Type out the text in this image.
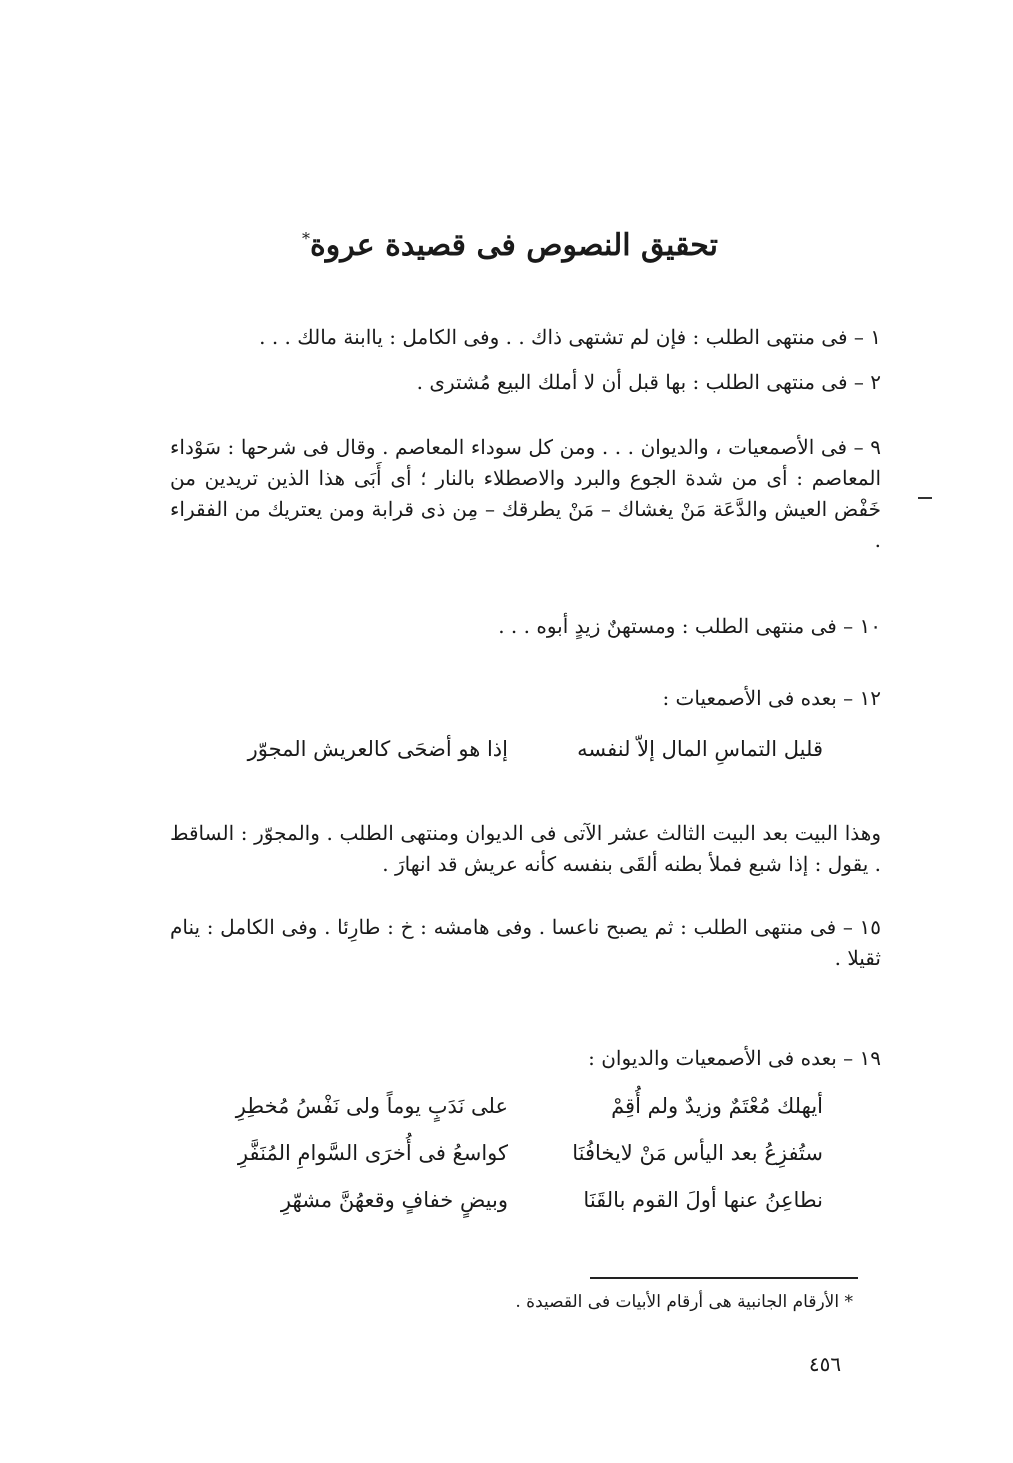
تحقيق النصوص فى قصيدة عروة*
١ – فى منتهى الطلب : فإن لم تشتهى ذاك . . وفى الكامل : ياابنة مالك . . .
٢ – فى منتهى الطلب : بها قبل أن لا أملك البيع مُشترى .
٩ – فى الأصمعيات ، والديوان . . . ومن كل سوداء المعاصم . وقال فى شرحها : سَوْداء المعاصم : أى من شدة الجوع والبرد والاصطلاء بالنار ؛ أى أَبَى هذا الذين تريدين من خَفْض العيش والدَّعَة مَنْ يغشاك – مَنْ يطرقك – مِن ذى قرابة ومن يعتريك من الفقراء .
١٠ – فى منتهى الطلب : ومستهنٌ زيدٍ أبوه . . .
١٢ – بعده فى الأصمعيات :
قليل التماسِ المال إلاّ لنفسه
إذا هو أضحَى كالعريش المجوّر
وهذا البيت بعد البيت الثالث عشر الآتى فى الديوان ومنتهى الطلب . والمجوّر : الساقط . يقول : إذا شبع فملأ بطنه ألقَى بنفسه كأنه عريش قد انهارَ .
١٥ – فى منتهى الطلب : ثم يصبح ناعسا . وفى هامشه : خ : طارِئا . وفى الكامل : ينام ثقيلا .
١٩ – بعده فى الأصمعيات والديوان :
أيهلك مُعْتَمٌ وزيدٌ ولم أُقِمْ
على نَدَبٍ يوماً ولى نَفْسُ مُخطِرِ
ستُفزِعُ بعد اليأس مَنْ لايخافُنَا
كواسعُ فى أُخرَى السَّوامِ المُنَفَّرِ
نطاعِنُ عنها أولَ القوم بالقَنَا
وبيضٍ خفافٍ وقعهُنَّ مشهّرِ
* الأرقام الجانبية هى أرقام الأبيات فى القصيدة .
٤٥٦
